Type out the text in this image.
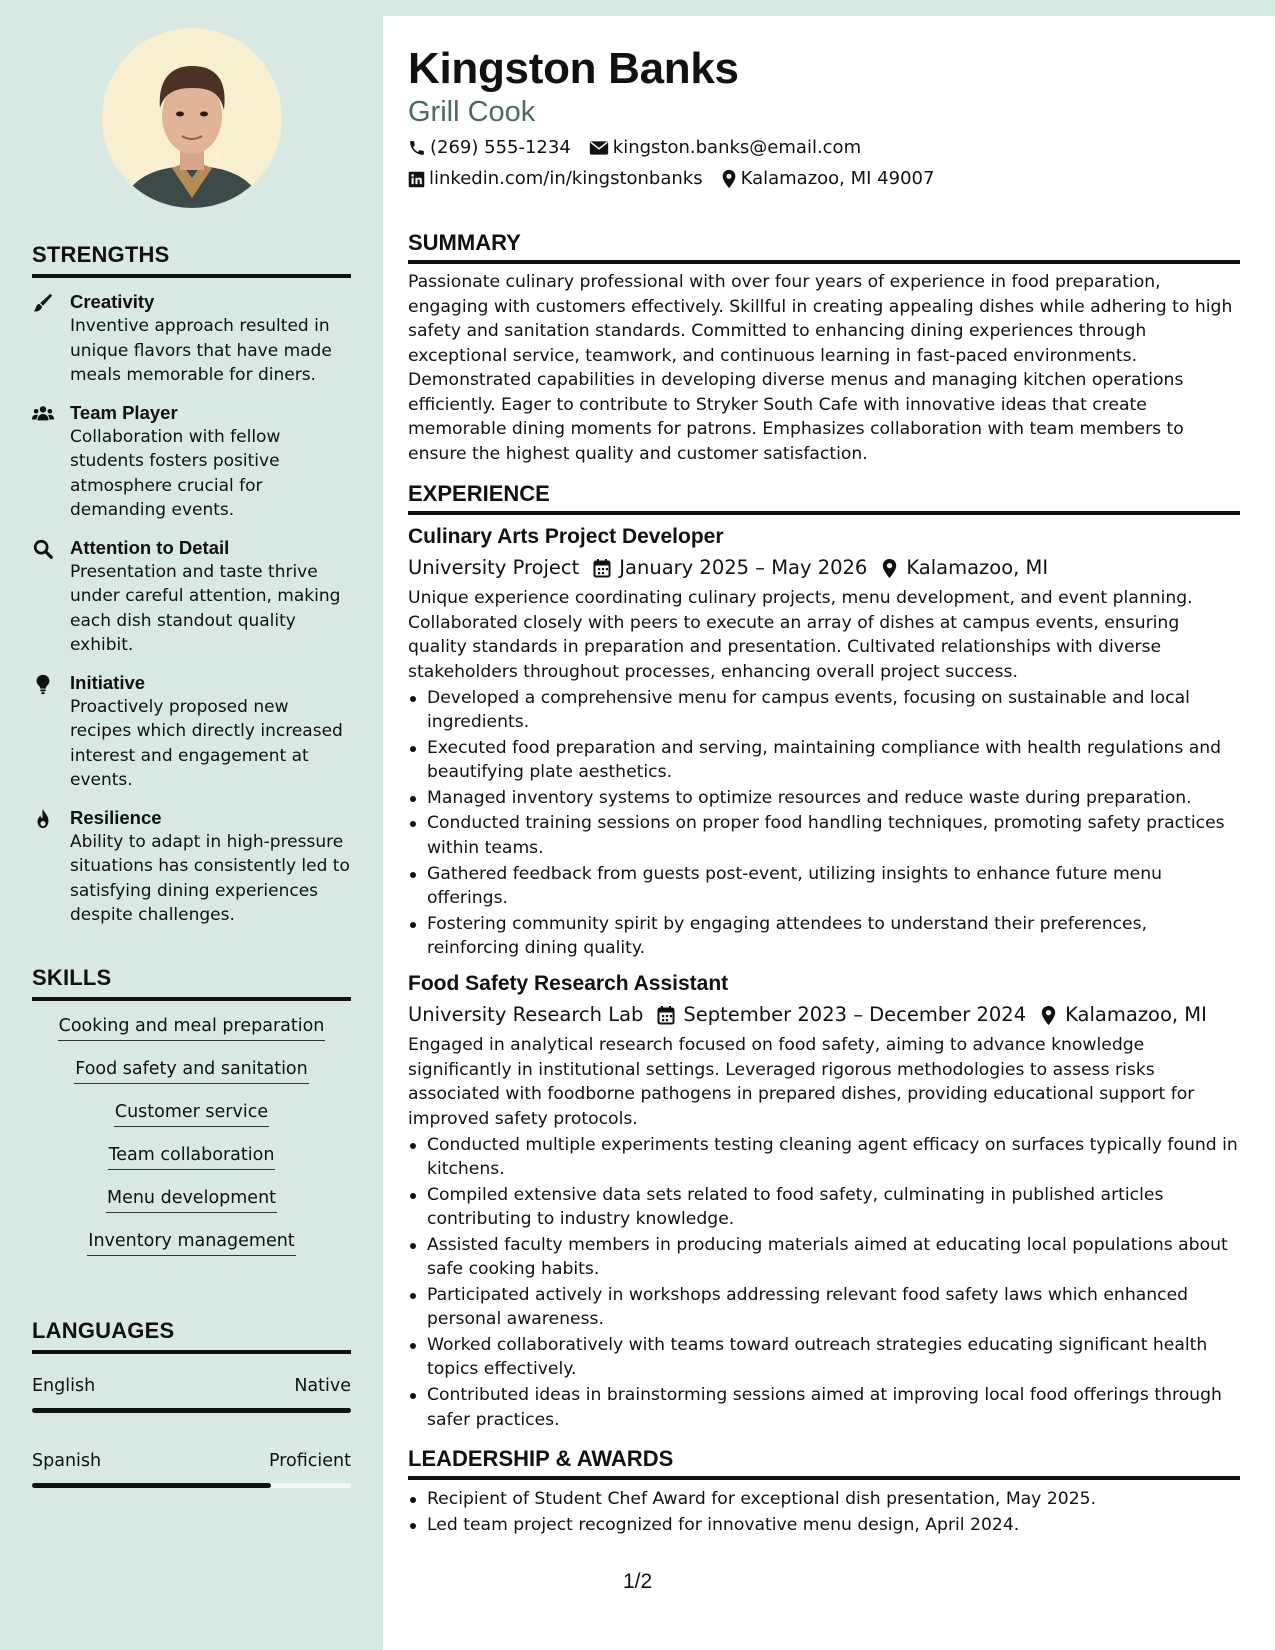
STRENGTHS
Creativity
Inventive approach resulted in unique flavors that have made meals memorable for diners.
Team Player
Collaboration with fellow students fosters positive atmosphere crucial for demanding events.
Attention to Detail
Presentation and taste thrive under careful attention, making each dish standout quality exhibit.
Initiative
Proactively proposed new recipes which directly increased interest and engagement at events.
Resilience
Ability to adapt in high-pressure situations has consistently led to satisfying dining experiences despite challenges.
SKILLS
Cooking and meal preparation
Food safety and sanitation
Customer service
Team collaboration
Menu development
Inventory management
LANGUAGES
English	Native
Spanish	Proficient
Kingston Banks
Grill Cook
(269) 555-1234 kingston.banks@email.com
linkedin.com/in/kingstonbanks Kalamazoo, MI 49007
SUMMARY
Passionate culinary professional with over four years of experience in food preparation, engaging with customers effectively. Skillful in creating appealing dishes while adhering to high safety and sanitation standards. Committed to enhancing dining experiences through exceptional service, teamwork, and continuous learning in fast-paced environments. Demonstrated capabilities in developing diverse menus and managing kitchen operations efficiently. Eager to contribute to Stryker South Cafe with innovative ideas that create memorable dining moments for patrons. Emphasizes collaboration with team members to ensure the highest quality and customer satisfaction.
EXPERIENCE
Culinary Arts Project Developer
University Project January 2025 – May 2026 Kalamazoo, MI
Unique experience coordinating culinary projects, menu development, and event planning. Collaborated closely with peers to execute an array of dishes at campus events, ensuring quality standards in preparation and presentation. Cultivated relationships with diverse stakeholders throughout processes, enhancing overall project success.
Developed a comprehensive menu for campus events, focusing on sustainable and local ingredients.
Executed food preparation and serving, maintaining compliance with health regulations and beautifying plate aesthetics.
Managed inventory systems to optimize resources and reduce waste during preparation.
Conducted training sessions on proper food handling techniques, promoting safety practices within teams.
Gathered feedback from guests post-event, utilizing insights to enhance future menu offerings.
Fostering community spirit by engaging attendees to understand their preferences, reinforcing dining quality.
Food Safety Research Assistant
University Research Lab September 2023 – December 2024 Kalamazoo, MI
Engaged in analytical research focused on food safety, aiming to advance knowledge significantly in institutional settings. Leveraged rigorous methodologies to assess risks associated with foodborne pathogens in prepared dishes, providing educational support for improved safety protocols.
Conducted multiple experiments testing cleaning agent efficacy on surfaces typically found in kitchens.
Compiled extensive data sets related to food safety, culminating in published articles contributing to industry knowledge.
Assisted faculty members in producing materials aimed at educating local populations about safe cooking habits.
Participated actively in workshops addressing relevant food safety laws which enhanced personal awareness.
Worked collaboratively with teams toward outreach strategies educating significant health topics effectively.
Contributed ideas in brainstorming sessions aimed at improving local food offerings through safer practices.
LEADERSHIP & AWARDS
Recipient of Student Chef Award for exceptional dish presentation, May 2025.
Led team project recognized for innovative menu design, April 2024.
1/2
